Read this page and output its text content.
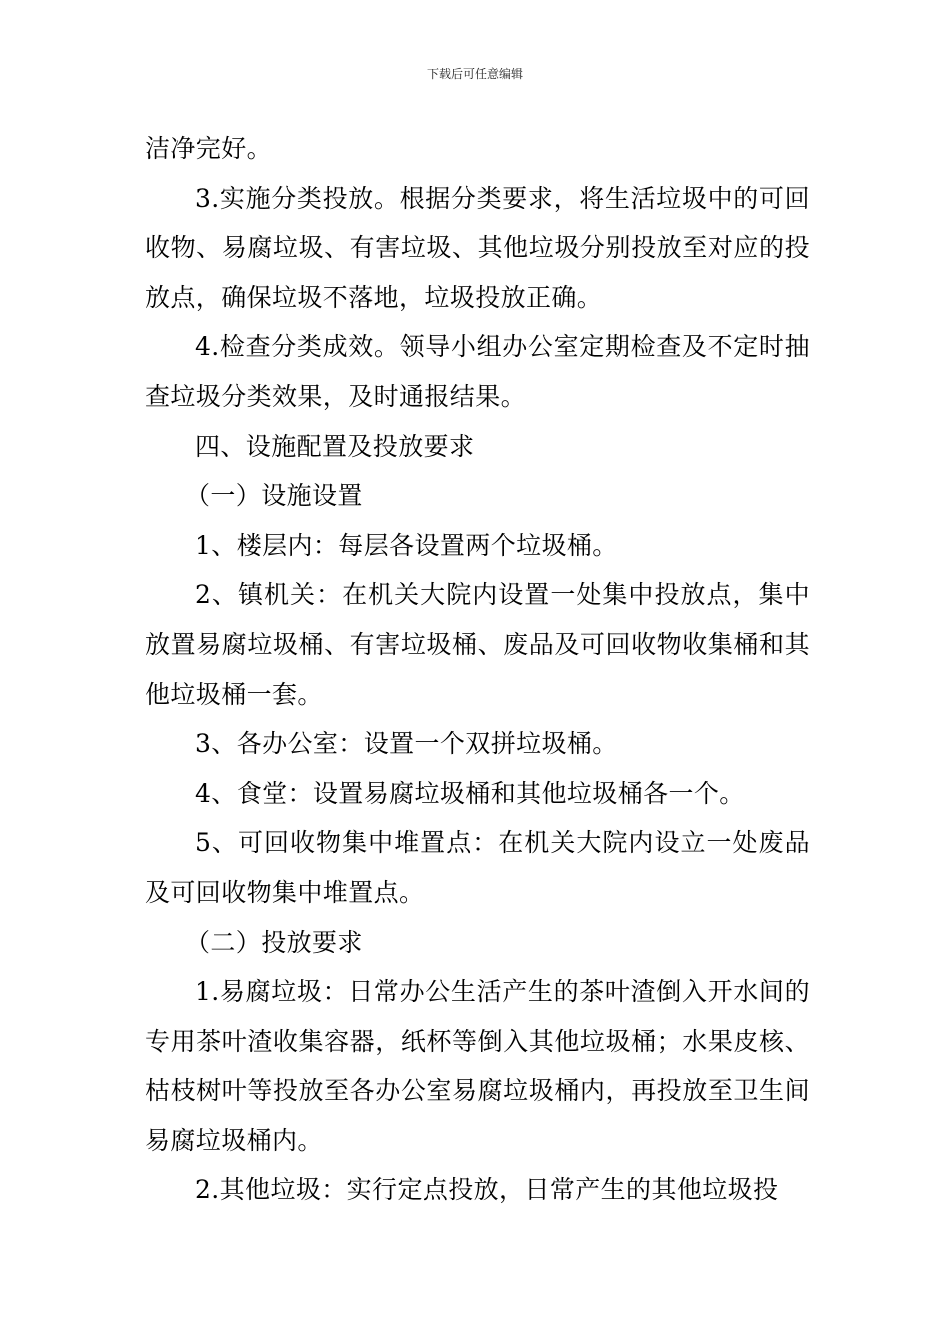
下载后可任意编辑

洁净完好。

3.实施分类投放。根据分类要求，将生活垃圾中的可回收物、易腐垃圾、有害垃圾、其他垃圾分别投放至对应的投放点，确保垃圾不落地，垃圾投放正确。

4.检查分类成效。领导小组办公室定期检查及不定时抽查垃圾分类效果，及时通报结果。

四、设施配置及投放要求

（一）设施设置

1、楼层内：每层各设置两个垃圾桶。

2、镇机关：在机关大院内设置一处集中投放点，集中放置易腐垃圾桶、有害垃圾桶、废品及可回收物收集桶和其他垃圾桶一套。

3、各办公室：设置一个双拼垃圾桶。

4、食堂：设置易腐垃圾桶和其他垃圾桶各一个。

5、可回收物集中堆置点：在机关大院内设立一处废品及可回收物集中堆置点。

（二）投放要求

1.易腐垃圾：日常办公生活产生的茶叶渣倒入开水间的专用茶叶渣收集容器，纸杯等倒入其他垃圾桶；水果皮核、枯枝树叶等投放至各办公室易腐垃圾桶内，再投放至卫生间易腐垃圾桶内。

2.其他垃圾：实行定点投放，日常产生的其他垃圾投
